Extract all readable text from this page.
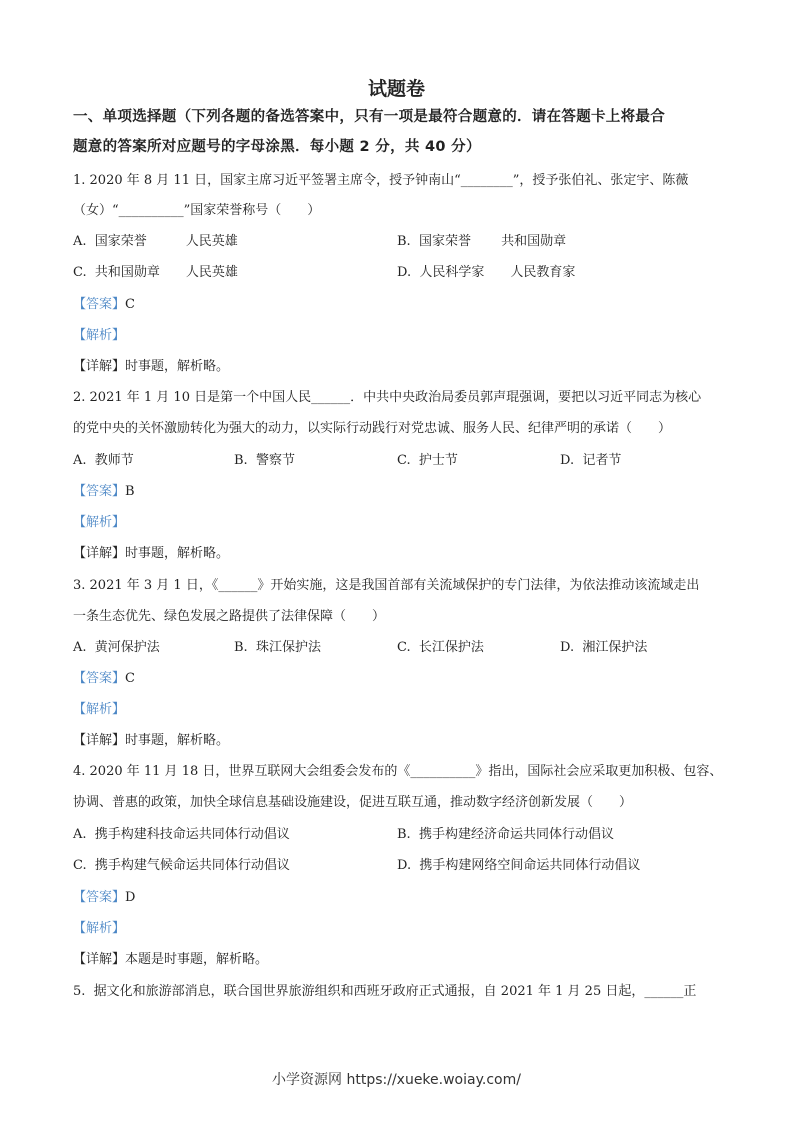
试题卷
一、单项选择题（下列各题的备选答案中，只有一项是最符合题意的．请在答题卡上将最合
题意的答案所对应题号的字母涂黑．每小题 2 分，共 40 分）
1. 2020 年 8 月 11 日，国家主席习近平签署主席令，授予钟南山“________”，授予张伯礼、张定宇、陈薇
（女）“__________”国家荣誉称号（　　）
A.  国家荣誉　　　人民英雄	B.  国家荣誉　　 共和国勋章
C.  共和国勋章　　人民英雄	D.  人民科学家　　人民教育家
【答案】C
【解析】
【详解】时事题，解析略。
2. 2021 年 1 月 10 日是第一个中国人民______．中共中央政治局委员郭声琨强调，要把以习近平同志为核心
的党中央的关怀激励转化为强大的动力，以实际行动践行对党忠诚、服务人民、纪律严明的承诺（　　）
A.  教师节	B.  警察节	C.  护士节	D.  记者节
【答案】B
【解析】
【详解】时事题，解析略。
3. 2021 年 3 月 1 日，《______》开始实施，这是我国首部有关流域保护的专门法律，为依法推动该流域走出
一条生态优先、绿色发展之路提供了法律保障（　　）
A.  黄河保护法	B.  珠江保护法	C.  长江保护法	D.  湘江保护法
【答案】C
【解析】
【详解】时事题，解析略。
4. 2020 年 11 月 18 日，世界互联网大会组委会发布的《__________》指出，国际社会应采取更加积极、包容、
协调、普惠的政策，加快全球信息基础设施建设，促进互联互通，推动数字经济创新发展（　　）
A.  携手构建科技命运共同体行动倡议	B.  携手构建经济命运共同体行动倡议
C.  携手构建气候命运共同体行动倡议	D.  携手构建网络空间命运共同体行动倡议
【答案】D
【解析】
【详解】本题是时事题，解析略。
5.  据文化和旅游部消息，联合国世界旅游组织和西班牙政府正式通报，自 2021 年 1 月 25 日起，______正
小学资源网 https://xueke.woiay.com/
